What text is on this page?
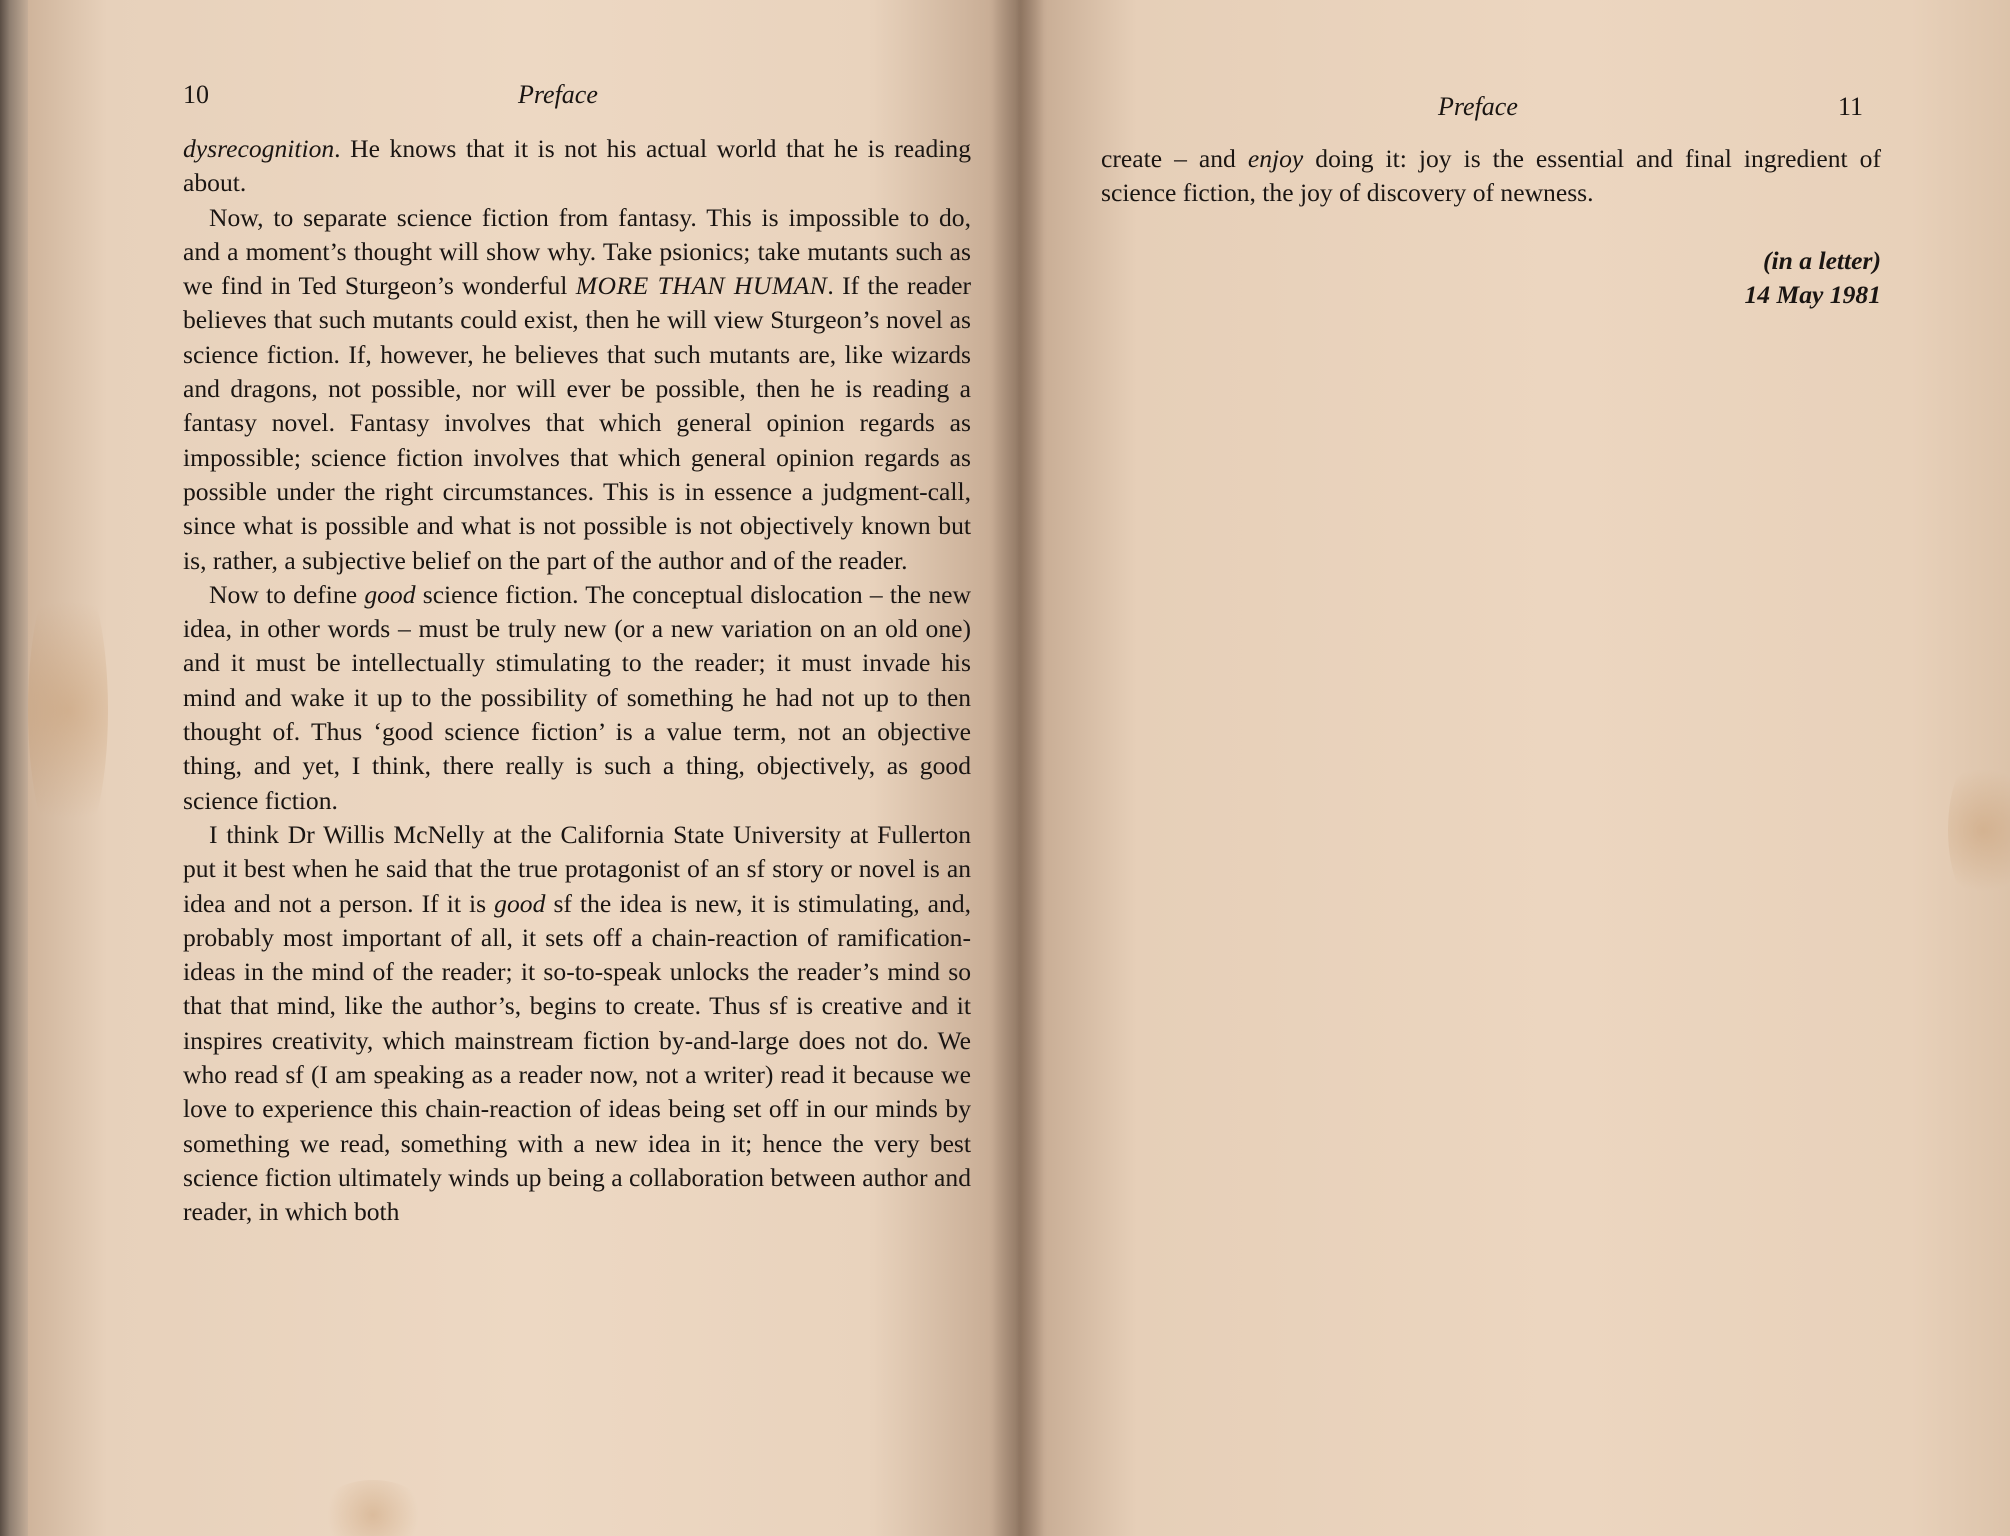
10	Preface

dysrecognition. He knows that it is not his actual world that he is reading about.

Now, to separate science fiction from fantasy. This is impossible to do, and a moment’s thought will show why. Take psionics; take mutants such as we find in Ted Sturgeon’s wonderful MORE THAN HUMAN. If the reader believes that such mutants could exist, then he will view Sturgeon’s novel as science fiction. If, however, he believes that such mutants are, like wizards and dragons, not possible, nor will ever be possible, then he is reading a fantasy novel. Fantasy involves that which general opinion regards as impossible; science fiction involves that which general opinion regards as possible under the right circumstances. This is in essence a judgment-call, since what is possible and what is not possible is not objectively known but is, rather, a subjective belief on the part of the author and of the reader.

Now to define good science fiction. The conceptual dislocation – the new idea, in other words – must be truly new (or a new variation on an old one) and it must be intellectually stimulating to the reader; it must invade his mind and wake it up to the possibility of something he had not up to then thought of. Thus ‘good science fiction’ is a value term, not an objective thing, and yet, I think, there really is such a thing, objectively, as good science fiction.

I think Dr Willis McNelly at the California State University at Fullerton put it best when he said that the true protagonist of an sf story or novel is an idea and not a person. If it is good sf the idea is new, it is stimulating, and, probably most important of all, it sets off a chain-reaction of ramification-ideas in the mind of the reader; it so-to-speak unlocks the reader’s mind so that that mind, like the author’s, begins to create. Thus sf is creative and it inspires creativity, which mainstream fiction by-and-large does not do. We who read sf (I am speaking as a reader now, not a writer) read it because we love to experience this chain-reaction of ideas being set off in our minds by something we read, something with a new idea in it; hence the very best science fiction ultimately winds up being a collaboration between author and reader, in which both

Preface	11

create – and enjoy doing it: joy is the essential and final ingredient of science fiction, the joy of discovery of newness.

(in a letter)
14 May 1981
